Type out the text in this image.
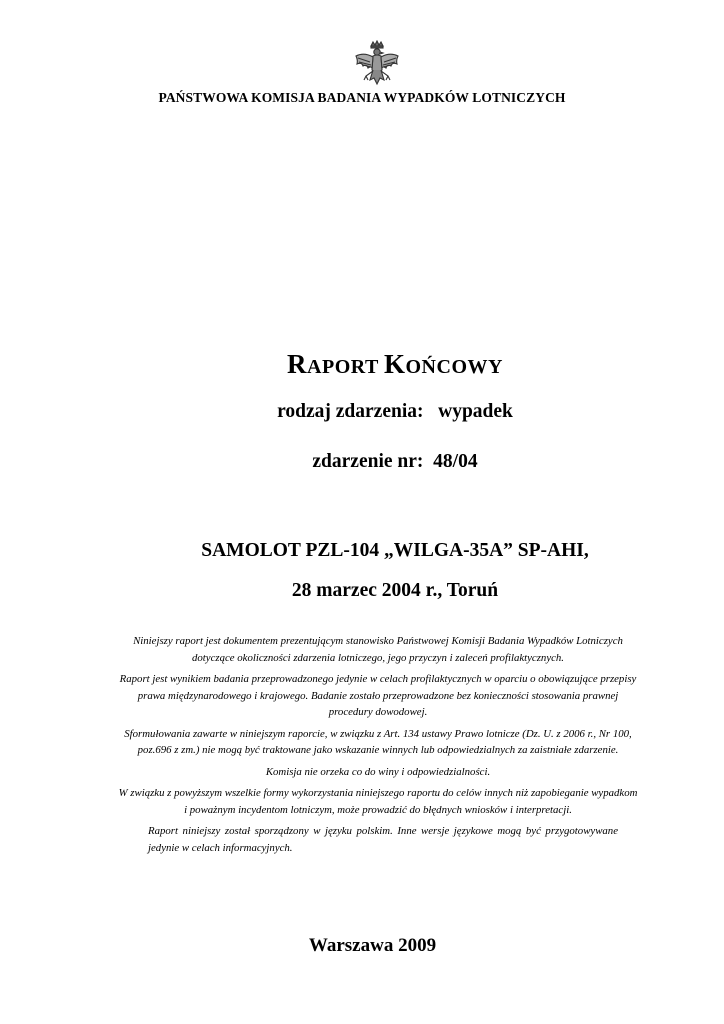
PAŃSTWOWA KOMISJA BADANIA WYPADKÓW LOTNICZYCH
RAPORT KOŃCOWY
rodzaj zdarzenia: wypadek
zdarzenie nr: 48/04
SAMOLOT PZL-104 „WILGA-35A” SP-AHI,
28 marzec 2004 r., Toruń

Niniejszy raport jest dokumentem prezentującym stanowisko Państwowej Komisji Badania Wypadków Lotniczych dotyczące okoliczności zdarzenia lotniczego, jego przyczyn i zaleceń profilaktycznych.

Raport jest wynikiem badania przeprowadzonego jedynie w celach profilaktycznych w oparciu o obowiązujące przepisy prawa międzynarodowego i krajowego. Badanie zostało przeprowadzone bez konieczności stosowania prawnej procedury dowodowej.

Sformułowania zawarte w niniejszym raporcie, w związku z Art. 134 ustawy Prawo lotnicze (Dz. U. z 2006 r., Nr 100, poz.696 z zm.) nie mogą być traktowane jako wskazanie winnych lub odpowiedzialnych za zaistniałe zdarzenie.

Komisja nie orzeka co do winy i odpowiedzialności.

W związku z powyższym wszelkie formy wykorzystania niniejszego raportu do celów innych niż zapobieganie wypadkom i poważnym incydentom lotniczym, może prowadzić do błędnych wniosków i interpretacji.

Raport niniejszy został sporządzony w języku polskim. Inne wersje językowe mogą być przygotowywane jedynie w celach informacyjnych.

Warszawa 2009
